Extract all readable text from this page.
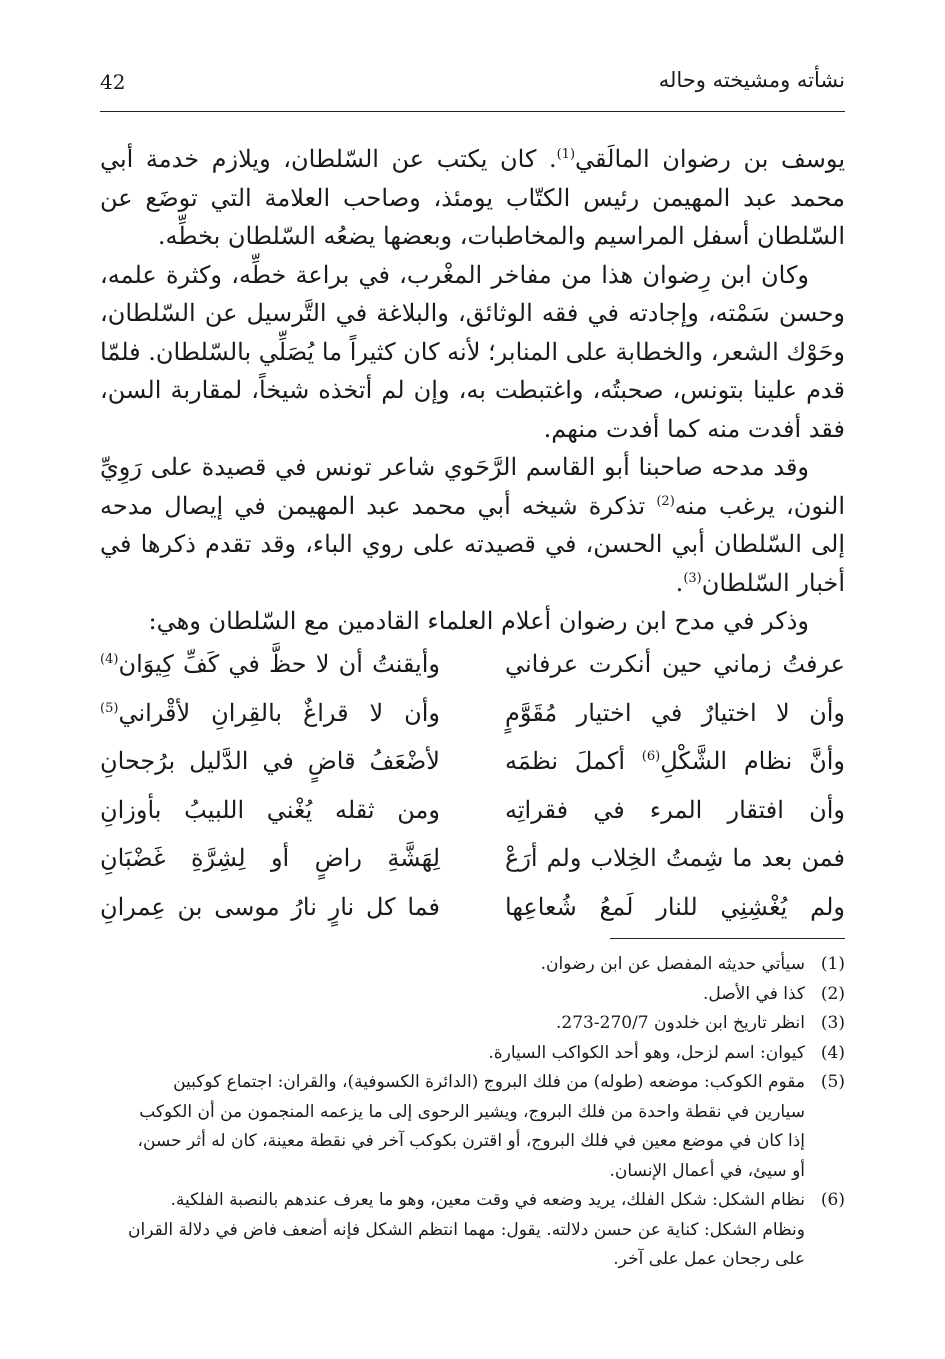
42	نشأته ومشيخته وحاله

يوسف بن رضوان المالَقي$^{(1)}$. كان يكتب عن السّلطان، ويلازم خدمة أبي محمد عبد المهيمن رئيس الكتّاب يومئذ، وصاحب العلامة التي توضَع عن السّلطان أسفل المراسيم والمخاطبات، وبعضها يضعُه السّلطان بخطِّه.

وكان ابن رِضوان هذا من مفاخر المغْرب، في براعة خطِّه، وكثرة علمه، وحسن سَمْته، وإجادته في فقه الوثائق، والبلاغة في التَّرسيل عن السّلطان، وحَوْك الشعر، والخطابة على المنابر؛ لأنه كان كثيراً ما يُصَلِّي بالسّلطان. فلمّا قدم علينا بتونس، صحبتُه، واغتبطت به، وإن لم أتخذه شيخاً، لمقاربة السن، فقد أفدت منه كما أفدت منهم.

وقد مدحه صاحبنا أبو القاسم الرَّحَوي شاعر تونس في قصيدة على رَوِيِّ النون، يرغب منه$^{(2)}$ تذكرة شيخه أبي محمد عبد المهيمن في إيصال مدحه إلى السّلطان أبي الحسن، في قصيدته على روي الباء، وقد تقدم ذكرها في أخبار السّلطان$^{(3)}$.

وذكر في مدح ابن رضوان أعلام العلماء القادمين مع السّلطان وهي:

عرفتُ زماني حين أنكرت عرفاني
وأيقنتُ أن لا حظَّ في كَفِّ كِيوَان$^{(4)}$
وأن لا اختيارٌ في اختيار مُقَوَّمٍ
وأن لا قراغٌ بالقِرانِ لأقْراني$^{(5)}$
وأنَّ نظام الشَّكْلِ$^{(6)}$ أكملَ نظمَه
لأضْعَفُ قاضٍ في الدَّليل برُجحانِ
وأن افتقار المرء في فقراتِه
ومن ثقله يُغْني اللبيبُ بأوزانِ
فمن بعد ما شِمتُ الخِلاب ولم أرَعْ
لِهَشَّةِ راضٍ أو لِشِرَّةِ غَضْبَانِ
ولم يُغْشِنِي للنار لَمعُ شُعاعِها
فما كل نارٍ نارُ موسى بن عِمرانِ
(1)
سيأتي حديثه المفصل عن ابن رضوان.
(2)
كذا في الأصل.
(3)
انظر تاريخ ابن خلدون 270/7-273.
(4)
كيوان: اسم لزحل، وهو أحد الكواكب السيارة.
(5)
مقوم الكوكب: موضعه (طوله) من فلك البروج (الدائرة الكسوفية)، والقران: اجتماع كوكبين
سيارين في نقطة واحدة من فلك البروج، ويشير الرحوى إلى ما يزعمه المنجمون من أن الكوكب
إذا كان في موضع معين في فلك البروج، أو اقترن بكوكب آخر في نقطة معينة، كان له أثر حسن،
أو سيئ، في أعمال الإنسان.
(6)
نظام الشكل: شكل الفلك، يريد وضعه في وقت معين، وهو ما يعرف عندهم بالنصبة الفلكية.
ونظام الشكل: كناية عن حسن دلالته. يقول: مهما انتظم الشكل فإنه أضعف فاض في دلالة القران
على رجحان عمل على آخر.
